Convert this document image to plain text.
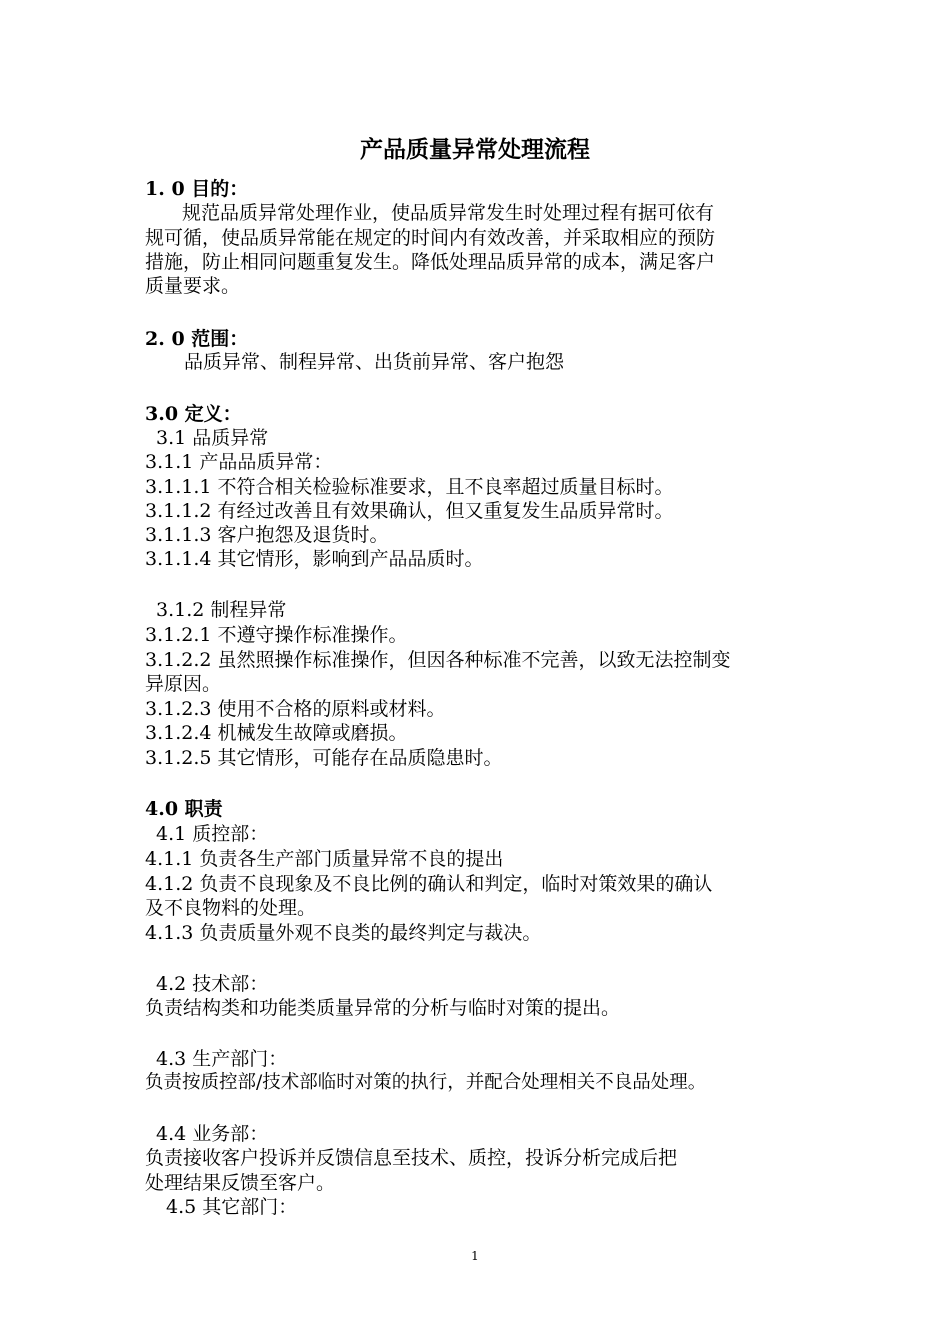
产品质量异常处理流程
1. 0 目的：
规范品质异常处理作业，使品质异常发生时处理过程有据可依有
规可循，使品质异常能在规定的时间内有效改善，并采取相应的预防
措施，防止相同问题重复发生。降低处理品质异常的成本，满足客户
质量要求。
2. 0 范围：
品质异常、制程异常、出货前异常、客户抱怨
3.0 定义：
3.1 品质异常
3.1.1 产品品质异常：
3.1.1.1 不符合相关检验标准要求，且不良率超过质量目标时。
3.1.1.2 有经过改善且有效果确认，但又重复发生品质异常时。
3.1.1.3 客户抱怨及退货时。
3.1.1.4 其它情形，影响到产品品质时。
3.1.2 制程异常
3.1.2.1 不遵守操作标准操作。
3.1.2.2 虽然照操作标准操作，但因各种标准不完善，以致无法控制变
异原因。
3.1.2.3 使用不合格的原料或材料。
3.1.2.4 机械发生故障或磨损。
3.1.2.5 其它情形，可能存在品质隐患时。
4.0 职责
4.1 质控部：
4.1.1 负责各生产部门质量异常不良的提出
4.1.2 负责不良现象及不良比例的确认和判定，临时对策效果的确认
及不良物料的处理。
4.1.3 负责质量外观不良类的最终判定与裁决。
4.2 技术部：
负责结构类和功能类质量异常的分析与临时对策的提出。
4.3 生产部门：
负责按质控部/技术部临时对策的执行，并配合处理相关不良品处理。
4.4 业务部：
负责接收客户投诉并反馈信息至技术、质控，投诉分析完成后把
处理结果反馈至客户。
4.5 其它部门：
1
